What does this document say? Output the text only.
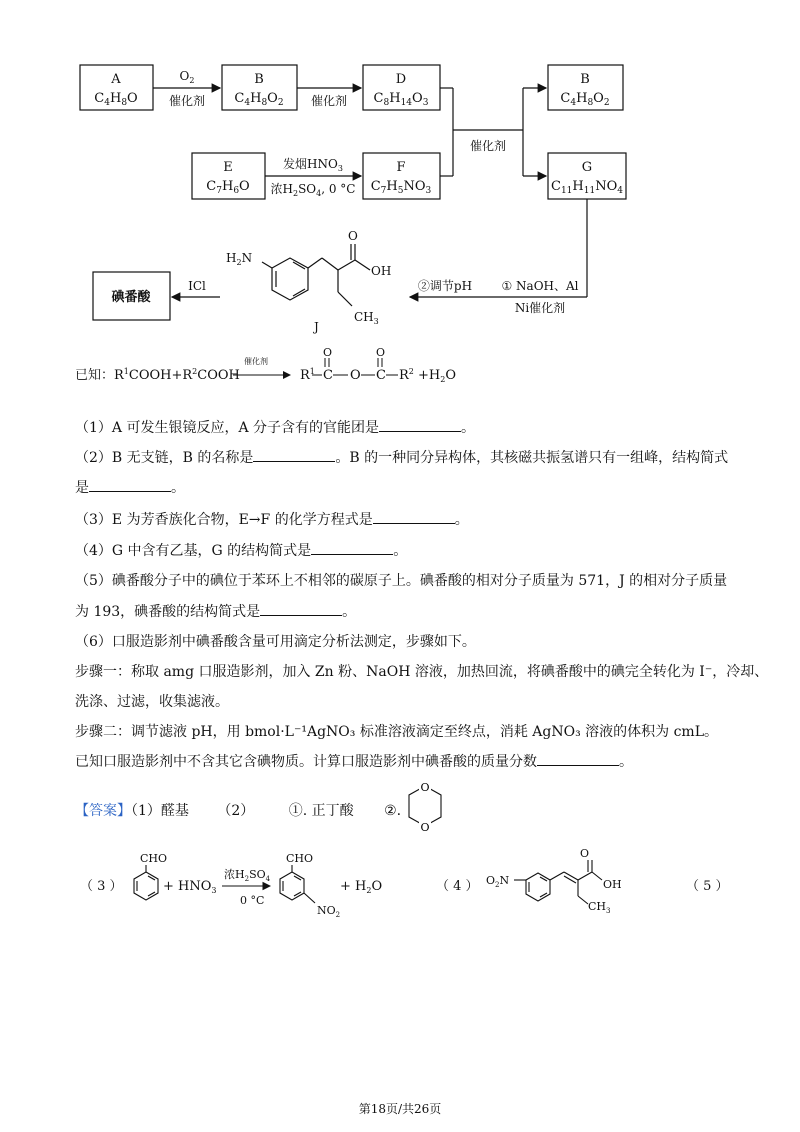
A
$C_4H_8O$
B
$C_4H_8O_2$
D
$C_8H_{14}O_3$
B
$C_4H_8O_2$
E
$C_7H_6O$
F
$C_7H_5NO_3$
G
$C_{11}H_{11}NO_4$
碘番酸
$O_2$
催化剂	催化剂
发烟$HNO_3$
浓$H_2SO_4$, 0 °C
催化剂
① NaOH、Al
Ni催化剂
②调节pH
ICl
$H_2N$
O
OH
$CH_3$
J
已知： $R^1COOH+R^2COOH$
催化剂
$R^1$ C O C $R^2 +H_2O$
O	O
（1）A 可发生银镜反应，A 分子含有的官能团是	。
（2）B 无支链，B 的名称是	。B 的一种同分异构体，其核磁共振氢谱只有一组峰，结构简式
是	。
（3）E 为芳香族化合物，E→F 的化学方程式是	。
（4）G 中含有乙基，G 的结构简式是	。
（5）碘番酸分子中的碘位于苯环上不相邻的碳原子上。碘番酸的相对分子质量为 571，J 的相对分子质量
为 193，碘番酸的结构简式是	。
（6）口服造影剂中碘番酸含量可用滴定分析法测定，步骤如下。
步骤一：称取 amg 口服造影剂，加入 Zn 粉、NaOH 溶液，加热回流，将碘番酸中的碘完全转化为 I⁻，冷却、
洗涤、过滤，收集滤液。
步骤二：调节滤液 pH，用 bmol·L⁻¹AgNO₃ 标准溶液滴定至终点，消耗 AgNO₃ 溶液的体积为 cmL。
已知口服造影剂中不含其它含碘物质。计算口服造影剂中碘番酸的质量分数	。
【答案】（1）醛基 （2） ①. 正丁酸 ②.
O
O
（ 3 ）	+ $HNO_3$	+ $H_2O$	（ 4 ）	（ 5 ）
浓$H_2SO_4$
0 °C
CHO	CHO
$NO_2$
$O_2N$
O
OH
$CH_3$
第18页/共26页
